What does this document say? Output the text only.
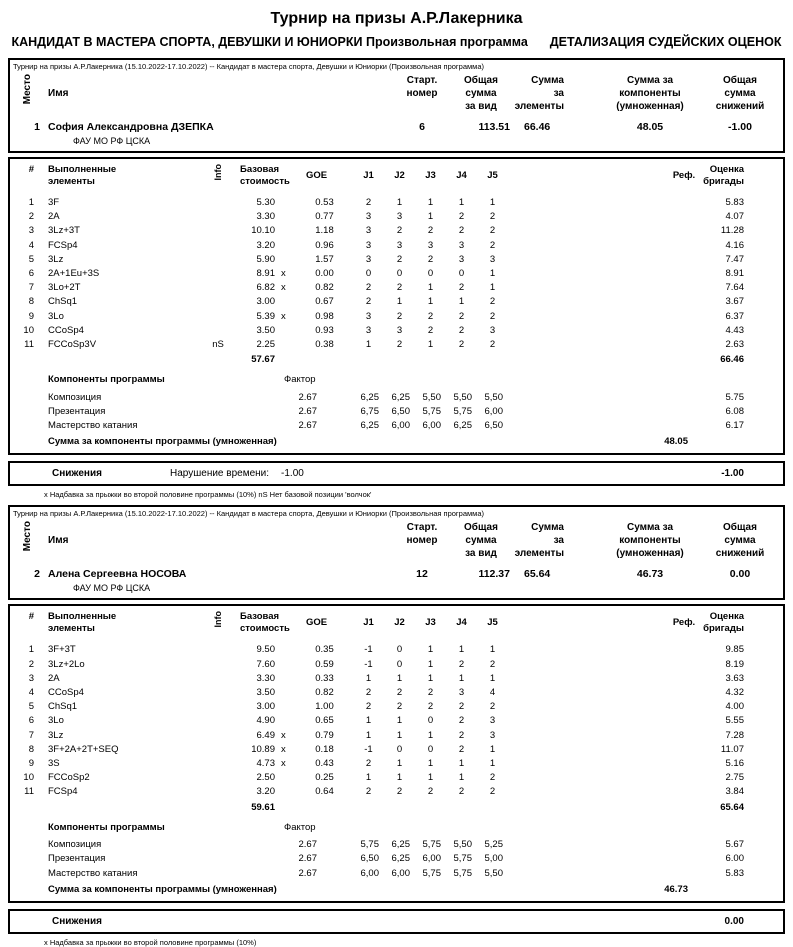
Турнир на призы А.Р.Лакерника
КАНДИДАТ В МАСТЕРА СПОРТА, ДЕВУШКИ И ЮНИОРКИ Произвольная программа ДЕТАЛИЗАЦИЯ СУДЕЙСКИХ ОЦЕНОК
Турнир на призы А.Р.Лакерника (15.10.2022-17.10.2022) -- Кандидат в мастера спорта, Девушки и Юниорки (Произвольная программа)
Место	Имя
Старт.
номер
Общая
сумма
за вид
Сумма
за
элементы
Сумма за
компоненты
(умноженная)
Общая
сумма
снижений
1 София Александровна ДЗЕПКА
ФАУ МО РФ ЦСКА
6	113.51	66.46	48.05	-1.00
# Выполненные
элементы
Info Базовая
стоимость
GOE	J1	J2	J3	J4	J5	Реф.
Оценка
бригады
1	3F	5.30	0.53	2	1	1	1	1	5.83
2	2A	3.30	0.77	3	3	1	2	2	4.07
3	3Lz+3T	10.10	1.18	3	2	2	2	2	11.28
4	FCSp4	3.20	0.96	3	3	3	3	2	4.16
5	3Lz	5.90	1.57	3	2	2	3	3	7.47
6	2A+1Eu+3S	8.91 x	0.00	0	0	0	0	1	8.91
7	3Lo+2T	6.82 x	0.82	2	2	1	2	1	7.64
8	ChSq1	3.00	0.67	2	1	1	1	2	3.67
9	3Lo	5.39 x	0.98	3	2	2	2	2	6.37
10	CCoSp4	3.50	0.93	3	3	2	2	3	4.43
11	FCCoSp3V	nS	2.25	0.38	1	2	1	2	2	2.63
57.67	66.46
Компоненты программы	Фактор
Композиция	2.67	6,25	6,25	5,50	5,50	5,50	5.75
Презентация	2.67	6,75	6,50	5,75	5,75	6,00	6.08
Мастерство катания	2.67	6,25	6,00	6,00	6,25	6,50	6.17
Сумма за компоненты программы (умноженная)	48.05
Снижения	Нарушение времени: -1.00	-1.00
х Надбавка за прыжки во второй половине программы (10%) nS Нет базовой позиции 'волчок'
Турнир на призы А.Р.Лакерника (15.10.2022-17.10.2022) -- Кандидат в мастера спорта, Девушки и Юниорки (Произвольная программа)
Место	Имя
Старт.
номер
Общая
сумма
за вид
Сумма
за
элементы
Сумма за
компоненты
(умноженная)
Общая
сумма
снижений
2 Алена Сергеевна НОСОВА
ФАУ МО РФ ЦСКА
12	112.37	65.64	46.73	0.00
# Выполненные
элементы
Info Базовая
стоимость
GOE	J1	J2	J3	J4	J5	Реф.
Оценка
бригады
1	3F+3T	9.50	0.35	-1	0	1	1	1	9.85
2	3Lz+2Lo	7.60	0.59	-1	0	1	2	2	8.19
3	2A	3.30	0.33	1	1	1	1	1	3.63
4	CCoSp4	3.50	0.82	2	2	2	3	4	4.32
5	ChSq1	3.00	1.00	2	2	2	2	2	4.00
6	3Lo	4.90	0.65	1	1	0	2	3	5.55
7	3Lz	6.49 x	0.79	1	1	1	2	3	7.28
8	3F+2A+2T+SEQ	10.89 x	0.18	-1	0	0	2	1	11.07
9	3S	4.73 x	0.43	2	1	1	1	1	5.16
10	FCCoSp2	2.50	0.25	1	1	1	1	2	2.75
11	FCSp4	3.20	0.64	2	2	2	2	2	3.84
59.61	65.64
Компоненты программы	Фактор
Композиция	2.67	5,75	6,25	5,75	5,50	5,25	5.67
Презентация	2.67	6,50	6,25	6,00	5,75	5,00	6.00
Мастерство катания	2.67	6,00	6,00	5,75	5,75	5,50	5.83
Сумма за компоненты программы (умноженная)	46.73
Снижения	0.00
х Надбавка за прыжки во второй половине программы (10%)
